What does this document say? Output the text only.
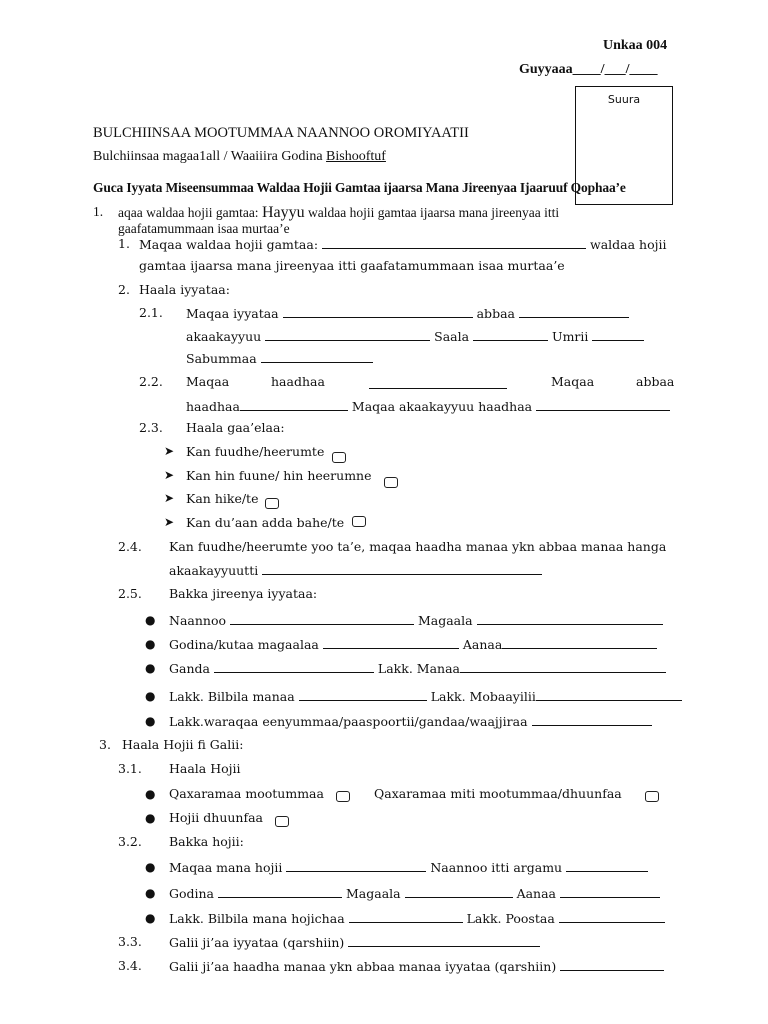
Unkaa 004
Guyyaaa____/___/____
Suura
BULCHIINSAA MOOTUMMAA NAANNOO OROMIYAATII
Bulchiinsaa magaa1all / Waaiiira Godina Bishooftuf
Guca Iyyata Miseensummaa Waldaa Hojii Gamtaa ijaarsa Mana Jireenyaa Ijaaruuf Qophaa’e
1. aqaa waldaa hojii gamtaa: Hayyu waldaa hojii gamtaa ijaarsa mana jireenyaa itti
gaafatamummaan isaa murtaa’e
1. Maqaa waldaa hojii gamtaa:	waldaa hojii
gamtaa ijaarsa mana jireenyaa itti gaafatamummaan isaa murtaa’e
2. Haala iyyataa:
2.1. Maqaa iyyataa	abbaa
akaakayyuu	Saala	Umrii
Sabummaa
2.2. Maqaa	haadhaa	Maqaa	abbaa
haadhaa	Maqaa akaakayyuu haadhaa
2.3. Haala gaa’elaa:
➤ Kan fuudhe/heerumte
➤ Kan hin fuune/ hin heerumne
➤ Kan hike/te
➤ Kan du’aan adda bahe/te
2.4. Kan fuudhe/heerumte yoo ta’e, maqaa haadha manaa ykn abbaa manaa hanga
akaakayyuutti
2.5. Bakka jireenya iyyataa:
● Naannoo	Magaala
● Godina/kutaa magaalaa	Aanaa
● Ganda	Lakk. Manaa
● Lakk. Bilbila manaa	Lakk. Mobaayilii
● Lakk.waraqaa eenyummaa/paaspoortii/gandaa/waajjiraa
3. Haala Hojii fi Galii:
3.1. Haala Hojii
● Qaxaramaa mootummaa	Qaxaramaa miti mootummaa/dhuunfaa
● Hojii dhuunfaa
3.2. Bakka hojii:
● Maqaa mana hojii	Naannoo itti argamu
● Godina	Magaala	Aanaa
● Lakk. Bilbila mana hojichaa	Lakk. Poostaa
3.3. Galii ji’aa iyyataa (qarshiin)
3.4. Galii ji’aa haadha manaa ykn abbaa manaa iyyataa (qarshiin)
